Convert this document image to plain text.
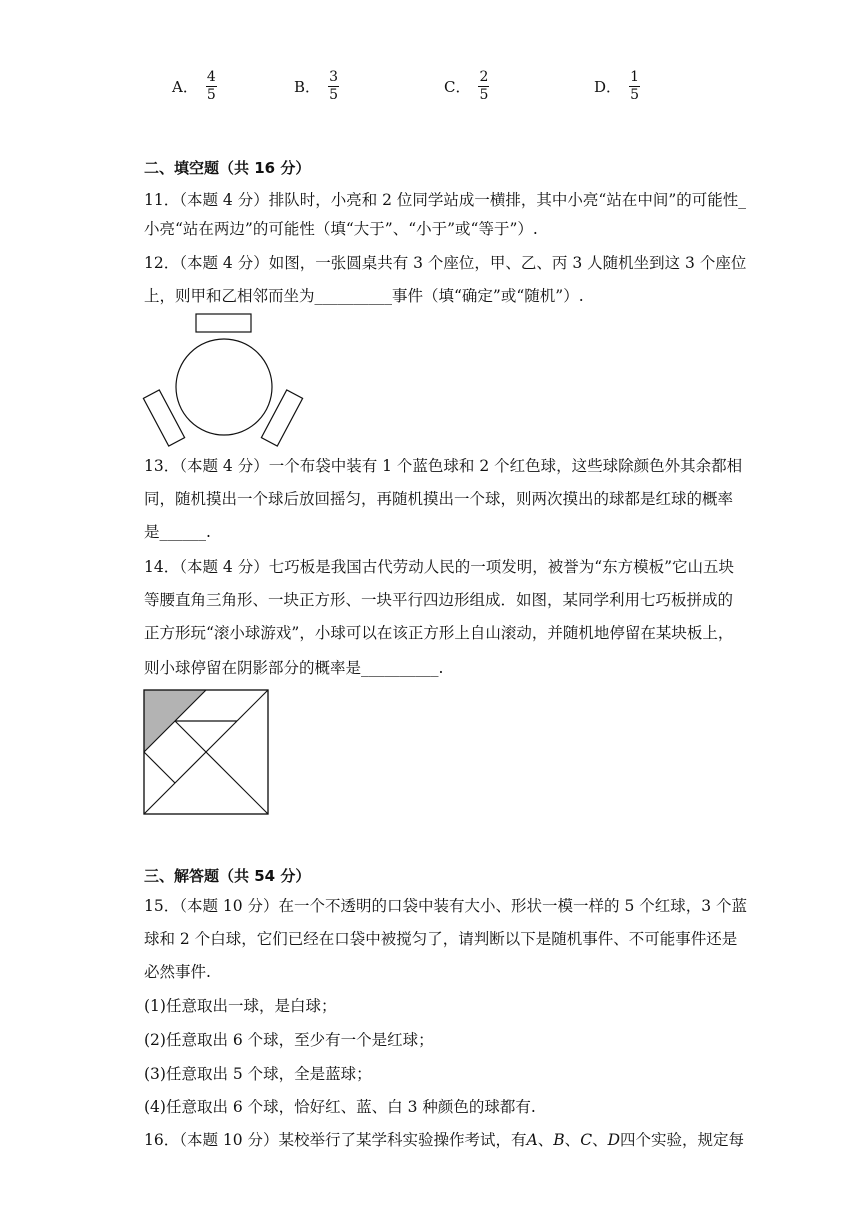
A． $\frac{4}{5}$	B． $\frac{3}{5}$	C． $\frac{2}{5}$	D． $\frac{1}{5}$
二、填空题（共 16 分）
11．（本题 4 分）排队时，小亮和 2 位同学站成一横排，其中小亮“站在中间”的可能性_
小亮“站在两边”的可能性（填“大于”、“小于”或“等于”）.
12．（本题 4 分）如图，一张圆桌共有 3 个座位，甲、乙、丙 3 人随机坐到这 3 个座位
上，则甲和乙相邻而坐为__________事件（填“确定”或“随机”）.
13．（本题 4 分）一个布袋中装有 1 个蓝色球和 2 个红色球，这些球除颜色外其余都相
同，随机摸出一个球后放回摇匀，再随机摸出一个球，则两次摸出的球都是红球的概率
是______.
14．（本题 4 分）七巧板是我国古代劳动人民的一项发明，被誉为“东方模板”它山五块
等腰直角三角形、一块正方形、一块平行四边形组成．如图，某同学利用七巧板拼成的
正方形玩“滚小球游戏”，小球可以在该正方形上自山滚动，并随机地停留在某块板上，
则小球停留在阴影部分的概率是__________.
三、解答题（共 54 分）
15．（本题 10 分）在一个不透明的口袋中装有大小、形状一模一样的 5 个红球，3 个蓝
球和 2 个白球，它们已经在口袋中被搅匀了，请判断以下是随机事件、不可能事件还是
必然事件.
(1)任意取出一球，是白球；
(2)任意取出 6 个球，至少有一个是红球；
(3)任意取出 5 个球，全是蓝球；
(4)任意取出 6 个球，恰好红、蓝、白 3 种颜色的球都有.
16．（本题 10 分）某校举行了某学科实验操作考试，有A、B、C、D四个实验，规定每
